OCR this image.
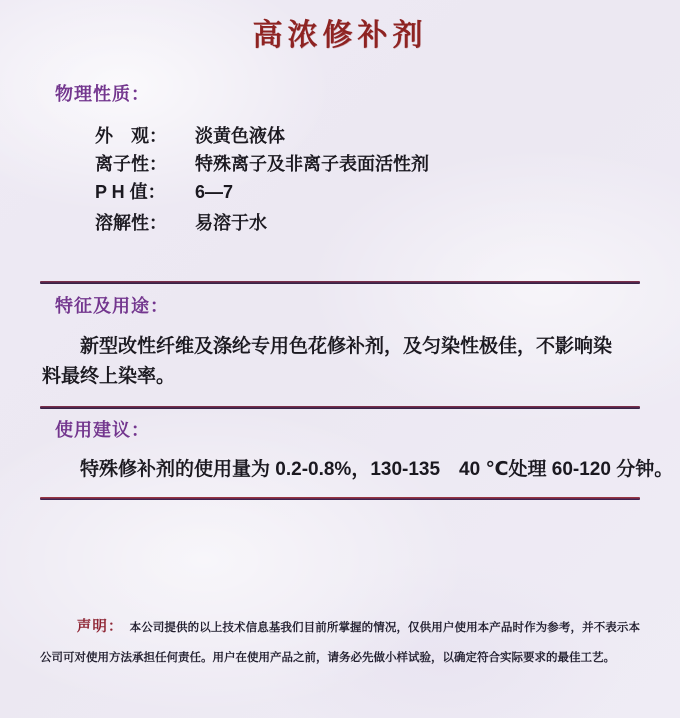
高浓修补剂
物理性质：
外　观：	淡黄色液体
离子性：	特殊离子及非离子表面活性剂
P H 值：	6—7
溶解性：	易溶于水
特征及用途：
新型改性纤维及涤纶专用色花修补剂，及匀染性极佳，不影响染料最终上染率。
使用建议：
特殊修补剂的使用量为 0.2-0.8%，130-135　40 ℃处理 60-120 分钟。
声明： 本公司提供的以上技术信息基我们目前所掌握的情况，仅供用户使用本产品时作为参考，并不表示本公司可对使用方法承担任何责任。用户在使用产品之前，请务必先做小样试验，以确定符合实际要求的最佳工艺。
